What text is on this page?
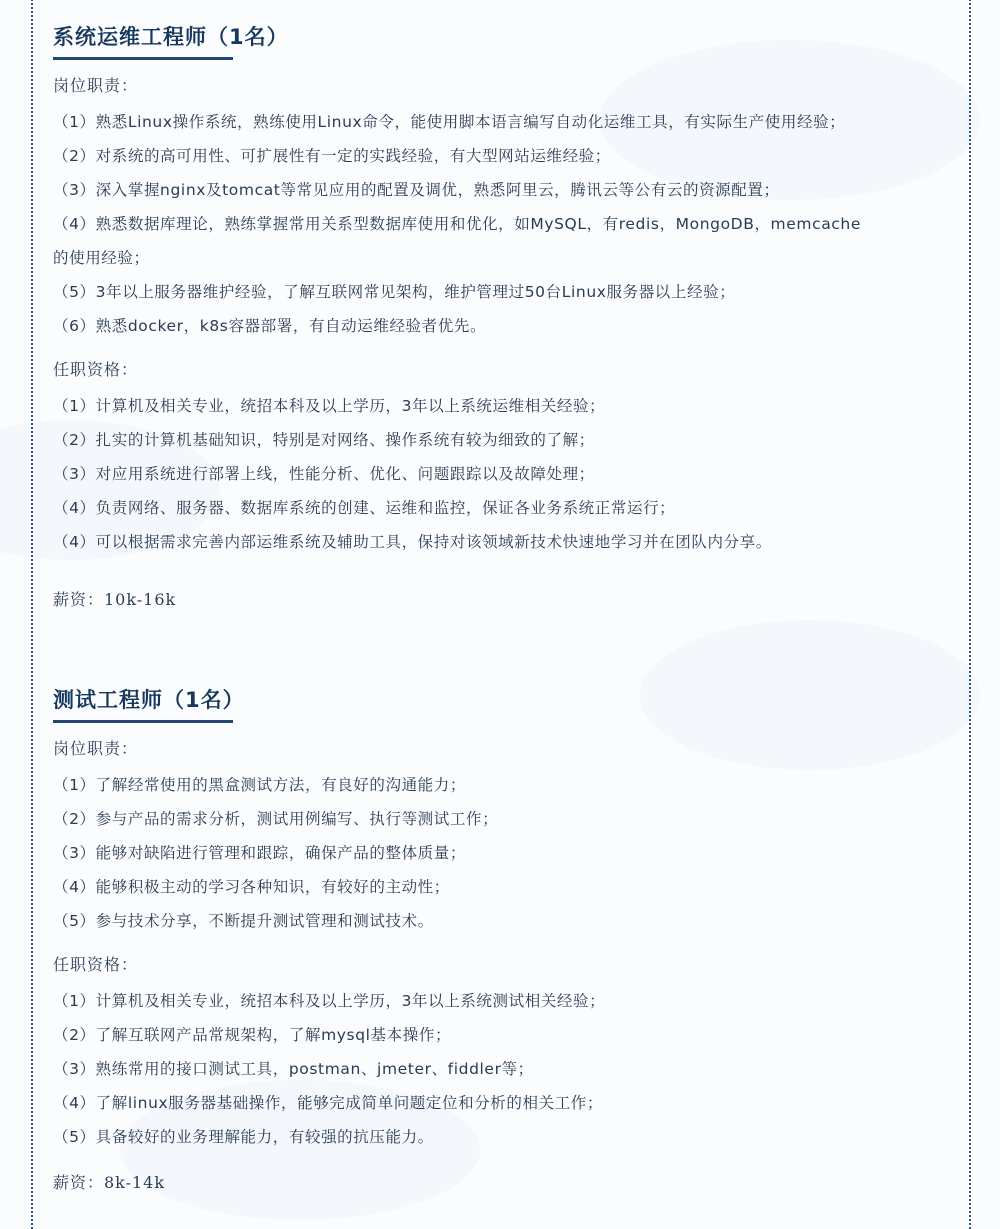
系统运维工程师（1名）

岗位职责：

（1）熟悉Linux操作系统，熟练使用Linux命令，能使用脚本语言编写自动化运维工具，有实际生产使用经验；

（2）对系统的高可用性、可扩展性有一定的实践经验，有大型网站运维经验；

（3）深入掌握nginx及tomcat等常见应用的配置及调优，熟悉阿里云，腾讯云等公有云的资源配置；

（4）熟悉数据库理论，熟练掌握常用关系型数据库使用和优化，如MySQL，有redis，MongoDB，memcache的使用经验；

（5）3年以上服务器维护经验，了解互联网常见架构，维护管理过50台Linux服务器以上经验；

（6）熟悉docker，k8s容器部署，有自动运维经验者优先。

任职资格：

（1）计算机及相关专业，统招本科及以上学历，3年以上系统运维相关经验；

（2）扎实的计算机基础知识，特别是对网络、操作系统有较为细致的了解；

（3）对应用系统进行部署上线，性能分析、优化、问题跟踪以及故障处理；

（4）负责网络、服务器、数据库系统的创建、运维和监控，保证各业务系统正常运行；

（4）可以根据需求完善内部运维系统及辅助工具，保持对该领域新技术快速地学习并在团队内分享。

薪资：10k-16k

测试工程师（1名）

岗位职责：

（1）了解经常使用的黑盒测试方法，有良好的沟通能力；

（2）参与产品的需求分析，测试用例编写、执行等测试工作；

（3）能够对缺陷进行管理和跟踪，确保产品的整体质量；

（4）能够积极主动的学习各种知识，有较好的主动性；

（5）参与技术分享，不断提升测试管理和测试技术。

任职资格：

（1）计算机及相关专业，统招本科及以上学历，3年以上系统测试相关经验；

（2）了解互联网产品常规架构，了解mysql基本操作；

（3）熟练常用的接口测试工具，postman、jmeter、fiddler等；

（4）了解linux服务器基础操作，能够完成简单问题定位和分析的相关工作；

（5）具备较好的业务理解能力，有较强的抗压能力。

薪资：8k-14k
